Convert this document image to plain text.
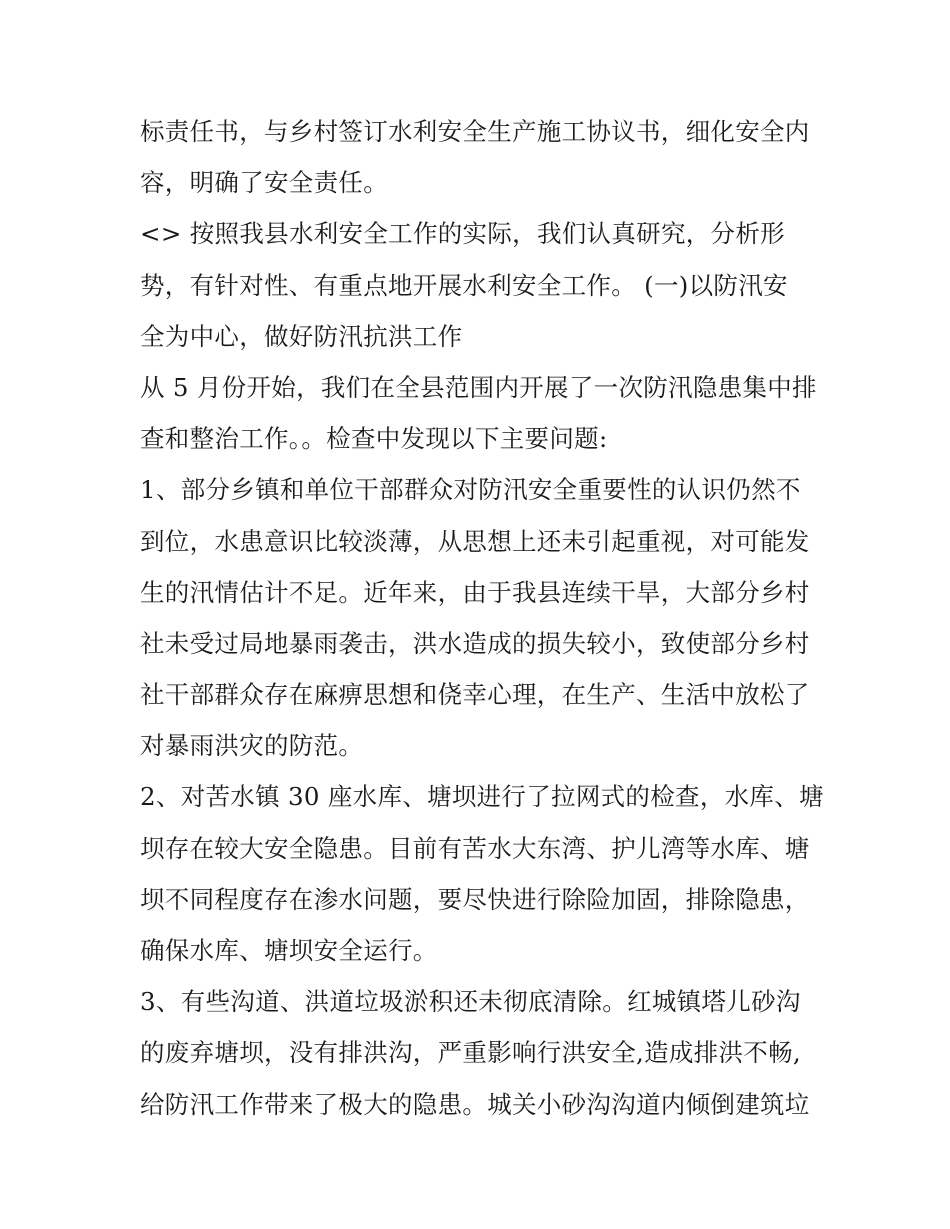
标责任书，与乡村签订水利安全生产施工协议书，细化安全内
容，明确了安全责任。
<> 按照我县水利安全工作的实际，我们认真研究，分析形
势，有针对性、有重点地开展水利安全工作。 (一)以防汛安
全为中心，做好防汛抗洪工作
从 5 月份开始，我们在全县范围内开展了一次防汛隐患集中排
查和整治工作。。检查中发现以下主要问题:
1、部分乡镇和单位干部群众对防汛安全重要性的认识仍然不
到位，水患意识比较淡薄，从思想上还未引起重视，对可能发
生的汛情估计不足。近年来，由于我县连续干旱，大部分乡村
社未受过局地暴雨袭击，洪水造成的损失较小，致使部分乡村
社干部群众存在麻痹思想和侥幸心理，在生产、生活中放松了
对暴雨洪灾的防范。
2、对苦水镇 30 座水库、塘坝进行了拉网式的检查，水库、塘
坝存在较大安全隐患。目前有苦水大东湾、护儿湾等水库、塘
坝不同程度存在渗水问题，要尽快进行除险加固，排除隐患，
确保水库、塘坝安全运行。
3、有些沟道、洪道垃圾淤积还未彻底清除。红城镇塔儿砂沟
的废弃塘坝，没有排洪沟，严重影响行洪安全,造成排洪不畅,
给防汛工作带来了极大的隐患。城关小砂沟沟道内倾倒建筑垃
